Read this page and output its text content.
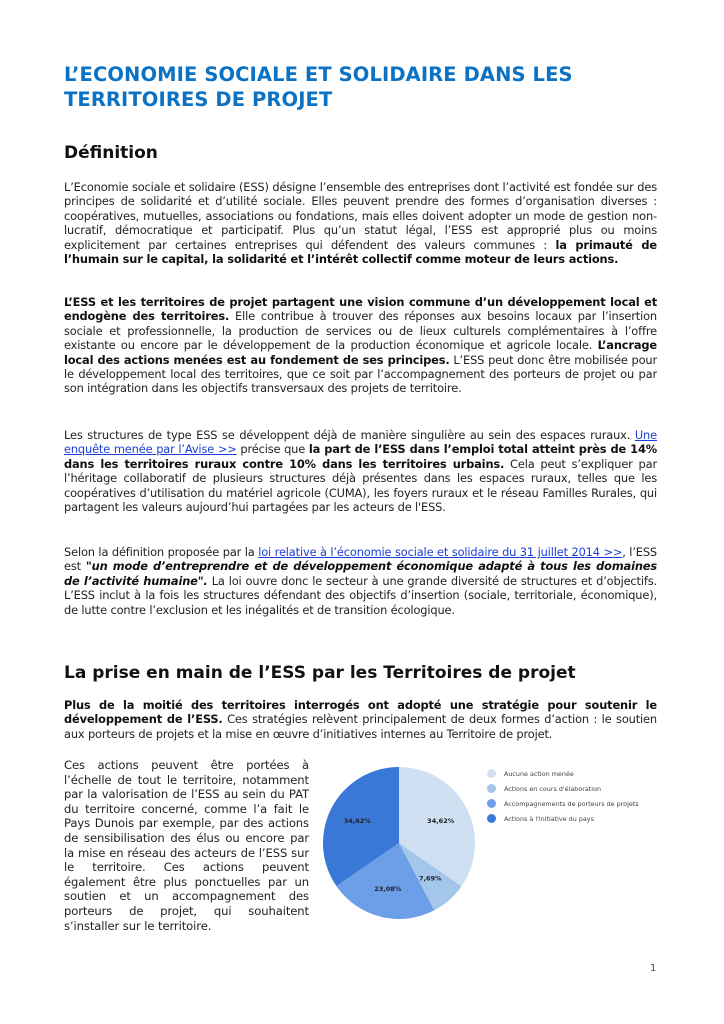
L’ECONOMIE SOCIALE ET SOLIDAIRE DANS LES TERRITOIRES DE PROJET
Définition
L’Economie sociale et solidaire (ESS) désigne l’ensemble des entreprises dont l’activité est fondée sur des principes de solidarité et d’utilité sociale. Elles peuvent prendre des formes d’organisation diverses : coopératives, mutuelles, associations ou fondations, mais elles doivent adopter un mode de gestion non-lucratif, démocratique et participatif. Plus qu’un statut légal, l’ESS est approprié plus ou moins explicitement par certaines entreprises qui défendent des valeurs communes : la primauté de l’humain sur le capital, la solidarité et l’intérêt collectif comme moteur de leurs actions.
L’ESS et les territoires de projet partagent une vision commune d’un développement local et endogène des territoires. Elle contribue à trouver des réponses aux besoins locaux par l’insertion sociale et professionnelle, la production de services ou de lieux culturels complémentaires à l’offre existante ou encore par le développement de la production économique et agricole locale. L’ancrage local des actions menées est au fondement de ses principes. L’ESS peut donc être mobilisée pour le développement local des territoires, que ce soit par l’accompagnement des porteurs de projet ou par son intégration dans les objectifs transversaux des projets de territoire.
Les structures de type ESS se développent déjà de manière singulière au sein des espaces ruraux. Une enquête menée par l’Avise >> précise que la part de l’ESS dans l’emploi total atteint près de 14% dans les territoires ruraux contre 10% dans les territoires urbains. Cela peut s’expliquer par l’héritage collaboratif de plusieurs structures déjà présentes dans les espaces ruraux, telles que les coopératives d’utilisation du matériel agricole (CUMA), les foyers ruraux et le réseau Familles Rurales, qui partagent les valeurs aujourd’hui partagées par les acteurs de l'ESS.
Selon la définition proposée par la loi relative à l’économie sociale et solidaire du 31 juillet 2014 >>, l’ESS est "un mode d’entreprendre et de développement économique adapté à tous les domaines de l’activité humaine". La loi ouvre donc le secteur à une grande diversité de structures et d’objectifs. L’ESS inclut à la fois les structures défendant des objectifs d’insertion (sociale, territoriale, économique), de lutte contre l’exclusion et les inégalités et de transition écologique.
La prise en main de l’ESS par les Territoires de projet
Plus de la moitié des territoires interrogés ont adopté une stratégie pour soutenir le développement de l’ESS. Ces stratégies relèvent principalement de deux formes d’action : le soutien aux porteurs de projets et la mise en œuvre d’initiatives internes au Territoire de projet.
Ces actions peuvent être portées à l’échelle de tout le territoire, notamment par la valorisation de l’ESS au sein du PAT du territoire concerné, comme l’a fait le Pays Dunois par exemple, par des actions de sensibilisation des élus ou encore par la mise en réseau des acteurs de l’ESS sur le territoire. Ces actions peuvent également être plus ponctuelles par un soutien et un accompagnement des porteurs de projet, qui souhaitent s’installer sur le territoire.
34,62%
7,69%
23,08%
34,62%
Aucune action menée
Actions en cours d'élaboration
Accompagnements de porteurs de projets
Actions à l'initiative du pays
1
